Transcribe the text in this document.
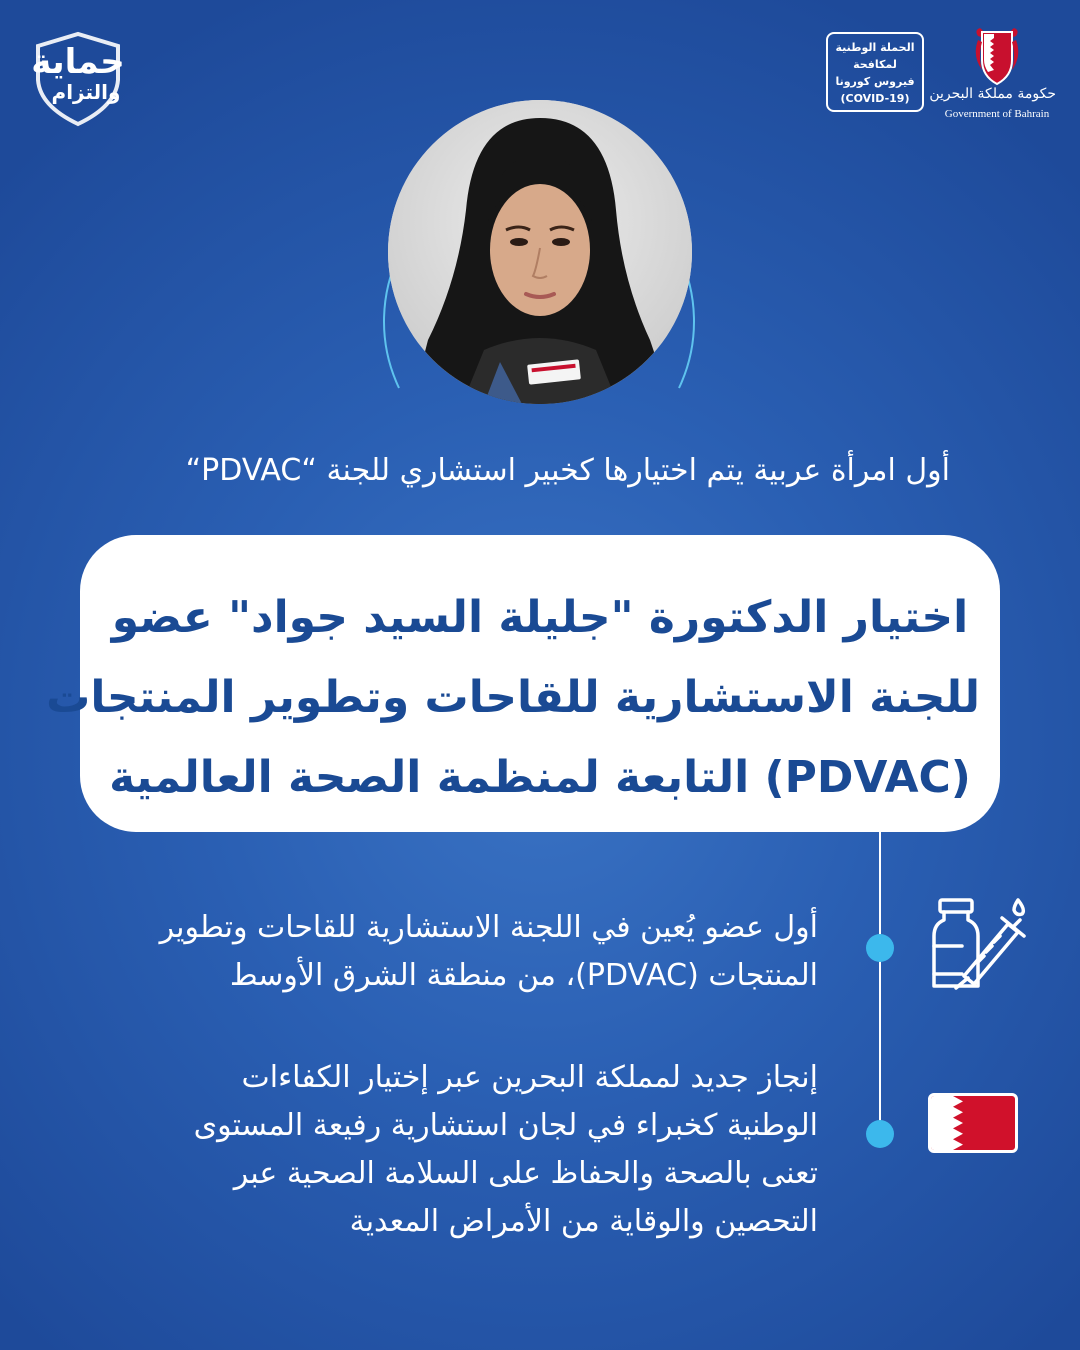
حماية
والتزام
الحملة الوطنية
لمكافحة
فيروس كورونا
(COVID-19)	حكومة مملكة البحرين
Government of Bahrain
أول امرأة عربية يتم اختيارها كخبير استشاري للجنة “PDVAC“
اختيار الدكتورة "جليلة السيد جواد" عضو
للجنة الاستشارية للقاحات وتطوير المنتجات
(PDVAC) التابعة لمنظمة الصحة العالمية
أول عضو يُعين في اللجنة الاستشارية للقاحات وتطوير
المنتجات (PDVAC)، من منطقة الشرق الأوسط
إنجاز جديد لمملكة البحرين عبر إختيار الكفاءات
الوطنية كخبراء في لجان استشارية رفيعة المستوى
تعنى بالصحة والحفاظ على السلامة الصحية عبر
التحصين والوقاية من الأمراض المعدية
